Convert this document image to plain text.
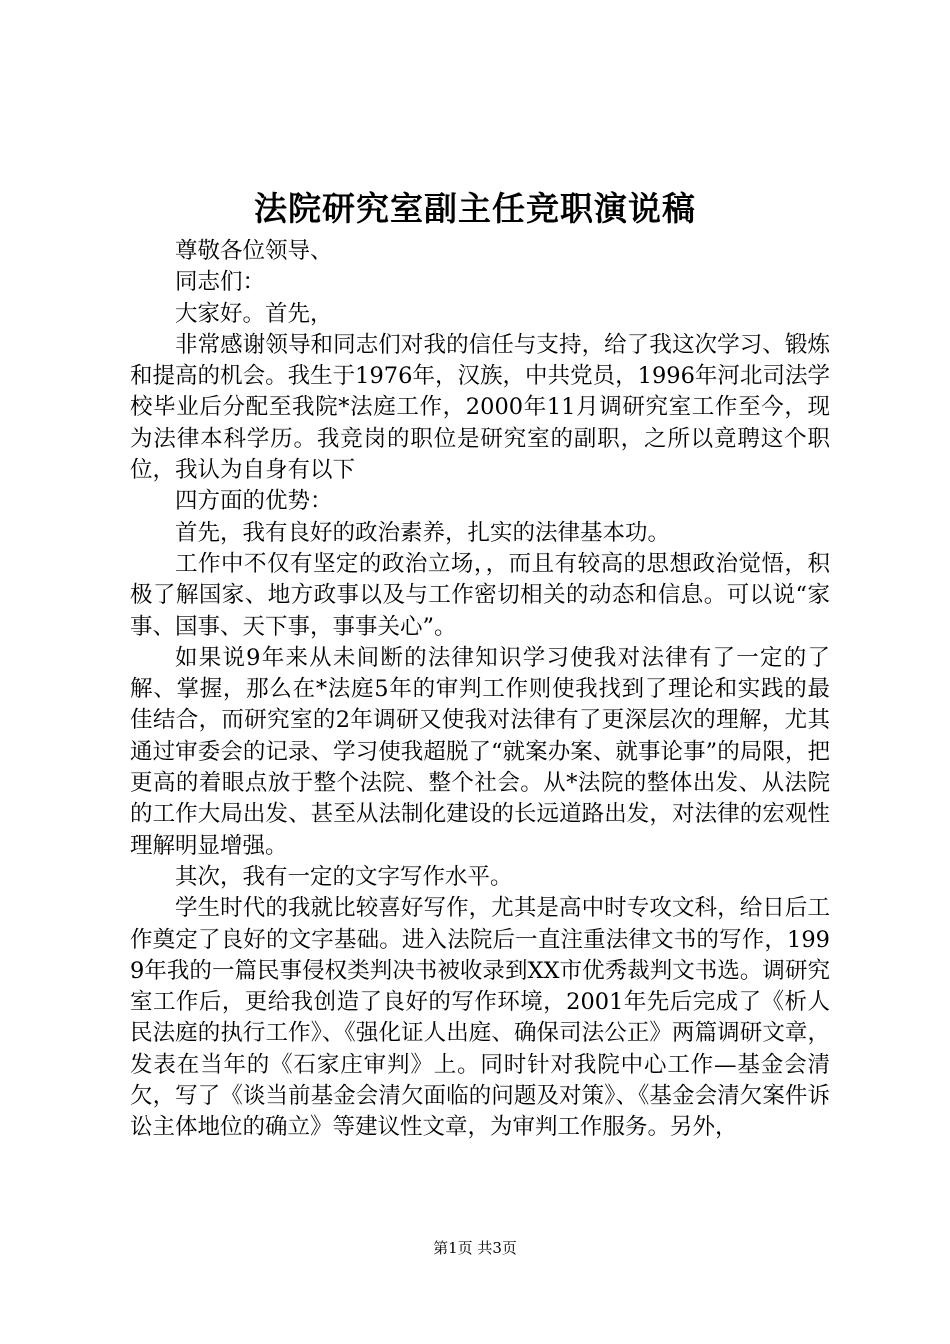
法院研究室副主任竞职演说稿

尊敬各位领导、

同志们：

大家好。首先，

非常感谢领导和同志们对我的信任与支持，给了我这次学习、锻炼和提高的机会。我生于1976年，汉族，中共党员，1996年河北司法学校毕业后分配至我院*法庭工作，2000年11月调研究室工作至今，现为法律本科学历。我竞岗的职位是研究室的副职，之所以竟聘这个职位，我认为自身有以下

四方面的优势：

首先，我有良好的政治素养，扎实的法律基本功。

工作中不仅有坚定的政治立场，，而且有较高的思想政治觉悟，积极了解国家、地方政事以及与工作密切相关的动态和信息。可以说“家事、国事、天下事，事事关心”。

如果说9年来从未间断的法律知识学习使我对法律有了一定的了解、掌握，那么在*法庭5年的审判工作则使我找到了理论和实践的最佳结合，而研究室的2年调研又使我对法律有了更深层次的理解，尤其通过审委会的记录、学习使我超脱了“就案办案、就事论事”的局限，把更高的着眼点放于整个法院、整个社会。从*法院的整体出发、从法院的工作大局出发、甚至从法制化建设的长远道路出发，对法律的宏观性理解明显增强。

其次，我有一定的文字写作水平。

学生时代的我就比较喜好写作，尤其是高中时专攻文科，给日后工作奠定了良好的文字基础。进入法院后一直注重法律文书的写作，1999年我的一篇民事侵权类判决书被收录到XX市优秀裁判文书选。调研究室工作后，更给我创造了良好的写作环境，2001年先后完成了《析人民法庭的执行工作》、《强化证人出庭、确保司法公正》两篇调研文章，发表在当年的《石家庄审判》上。同时针对我院中心工作—基金会清欠，写了《谈当前基金会清欠面临的问题及对策》、《基金会清欠案件诉讼主体地位的确立》等建议性文章，为审判工作服务。另外，

第1页 共3页
